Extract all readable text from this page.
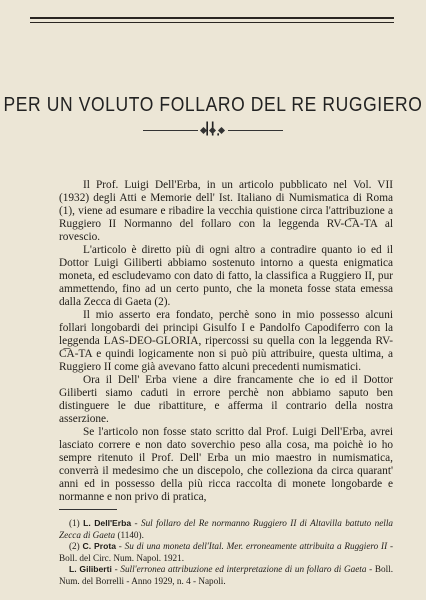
PER UN VOLUTO FOLLARO DEL RE RUGGIERO

Il Prof. Luigi Dell'Erba, in un articolo pubblicato nel Vol. VII (1932) degli Atti e Memorie dell' Ist. Italiano di Numismatica di Roma (1), viene ad esumare e ribadire la vecchia quistione circa l'attribuzione a Ruggiero II Normanno del follaro con la leggenda RV-C͞A-TA al rovescio.

L'articolo è diretto più di ogni altro a contradire quanto io ed il Dottor Luigi Giliberti abbiamo sostenuto intorno a questa enigmatica moneta, ed escludevamo con dato di fatto, la classifica a Ruggiero II, pur ammettendo, fino ad un certo punto, che la moneta fosse stata emessa dalla Zecca di Gaeta (2).

Il mio asserto era fondato, perchè sono in mio possesso alcuni follari longobardi dei principi Gisulfo I e Pandolfo Capodiferro con la leggenda LAS-DEO-GLORIA, ripercossi su quella con la leggenda RV-C͞A-TA e quindi logicamente non si può più attribuire, questa ultima, a Ruggiero II come già avevano fatto alcuni precedenti numismatici.

Ora il Dell' Erba viene a dire francamente che io ed il Dottor Giliberti siamo caduti in errore perchè non abbiamo saputo ben distinguere le due ribattiture, e afferma il contrario della nostra asserzione.

Se l'articolo non fosse stato scritto dal Prof. Luigi Dell'Erba, avrei lasciato correre e non dato soverchio peso alla cosa, ma poichè io ho sempre ritenuto il Prof. Dell' Erba un mio maestro in numismatica, converrà il medesimo che un discepolo, che colleziona da circa quarant' anni ed in possesso della più ricca raccolta di monete longobarde e normanne e non privo di pratica,

(1) L. Dell'Erba - Sul follaro del Re normanno Ruggiero II di Altavilla battuto nella Zecca di Gaeta (1140).

(2) C. Prota - Su di una moneta dell'Ital. Mer. erroneamente attribuita a Ruggiero II - Boll. del Circ. Num. Napol. 1921.

L. Giliberti - Sull'erronea attribuzione ed interpretazione di un follaro di Gaeta - Boll. Num. del Borrelli - Anno 1929, n. 4 - Napoli.
